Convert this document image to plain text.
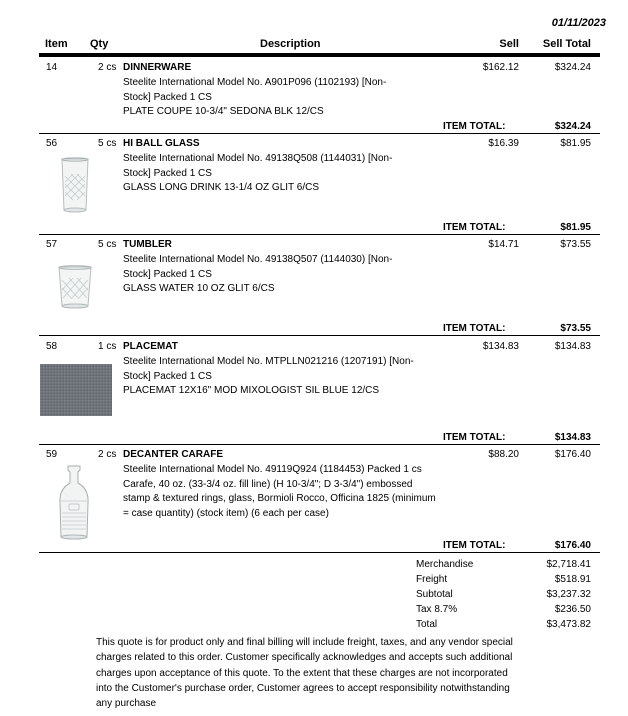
01/11/2023
Item Qty	Description	Sell Sell Total
14	2 cs DINNERWARE
Steelite International Model No. A901P096 (1102193) [Non-
Stock] Packed 1 CS
PLATE COUPE 10-3/4" SEDONA BLK 12/CS
$162.12	$324.24
ITEM TOTAL:	$324.24
56	5 cs HI BALL GLASS
Steelite International Model No. 49138Q508 (1144031) [Non-
Stock] Packed 1 CS
GLASS LONG DRINK 13-1/4 OZ GLIT 6/CS
$16.39	$81.95
ITEM TOTAL:	$81.95
57	5 cs TUMBLER
Steelite International Model No. 49138Q507 (1144030) [Non-
Stock] Packed 1 CS
GLASS WATER 10 OZ GLIT 6/CS
$14.71	$73.55
ITEM TOTAL:	$73.55
58	1 cs PLACEMAT
Steelite International Model No. MTPLLN021216 (1207191) [Non-
Stock] Packed 1 CS
PLACEMAT 12X16" MOD MIXOLOGIST SIL BLUE 12/CS
$134.83	$134.83
ITEM TOTAL:	$134.83
59	2 cs DECANTER CARAFE
Steelite International Model No. 49119Q924 (1184453) Packed 1 cs
Carafe, 40 oz. (33-3/4 oz. fill line) (H 10-3/4"; D 3-3/4") embossed
stamp & textured rings, glass, Bormioli Rocco, Officina 1825 (minimum
= case quantity) (stock item) (6 each per case)
$88.20	$176.40
ITEM TOTAL:	$176.40
Merchandise	$2,718.41
Freight	$518.91
Subtotal	$3,237.32
Tax 8.7%	$236.50
Total	$3,473.82
This quote is for product only and final billing will include freight, taxes, and any vendor special charges related to this order. Customer specifically acknowledges and accepts such additional charges upon acceptance of this quote. To the extent that these charges are not incorporated into the Customer's purchase order, Customer agrees to accept responsibility notwithstanding any purchase
